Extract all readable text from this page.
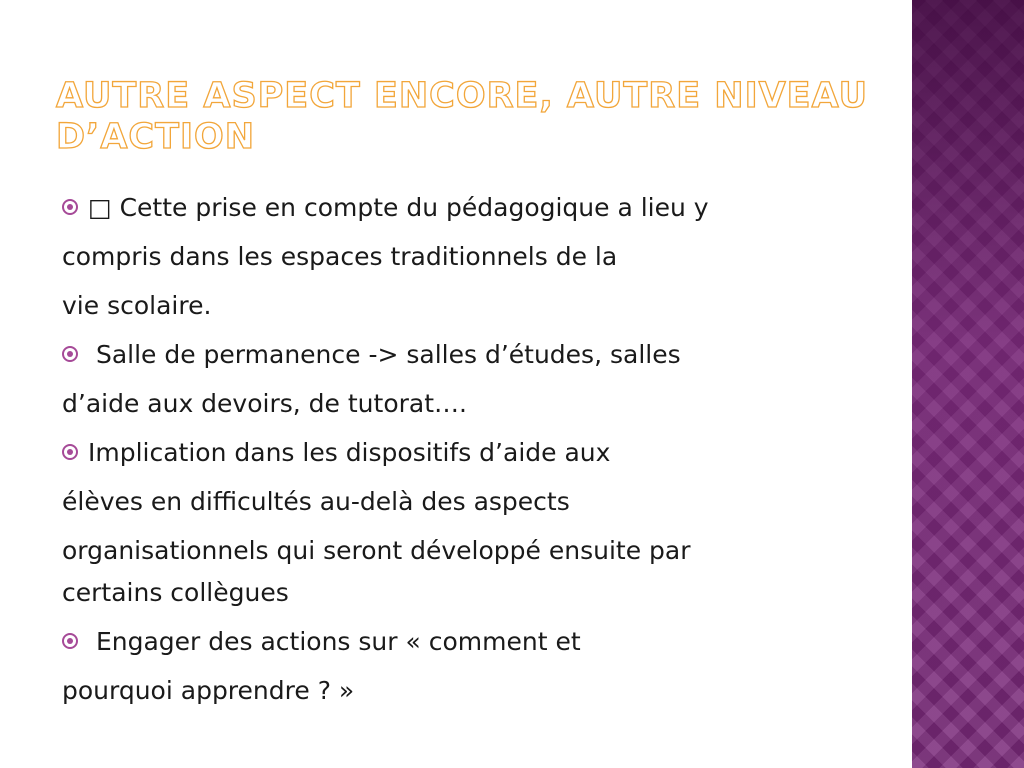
AUTRE ASPECT ENCORE, AUTRE NIVEAU D’ACTION
□ Cette prise en compte du pédagogique a lieu y
compris dans les espaces traditionnels de la
vie scolaire.
Salle de permanence -> salles d’études, salles
d’aide aux devoirs, de tutorat….
Implication dans les dispositifs d’aide aux
élèves en difficultés au-delà des aspects
organisationnels qui seront développé ensuite par
certains collègues
Engager des actions sur « comment et
pourquoi apprendre ? »
